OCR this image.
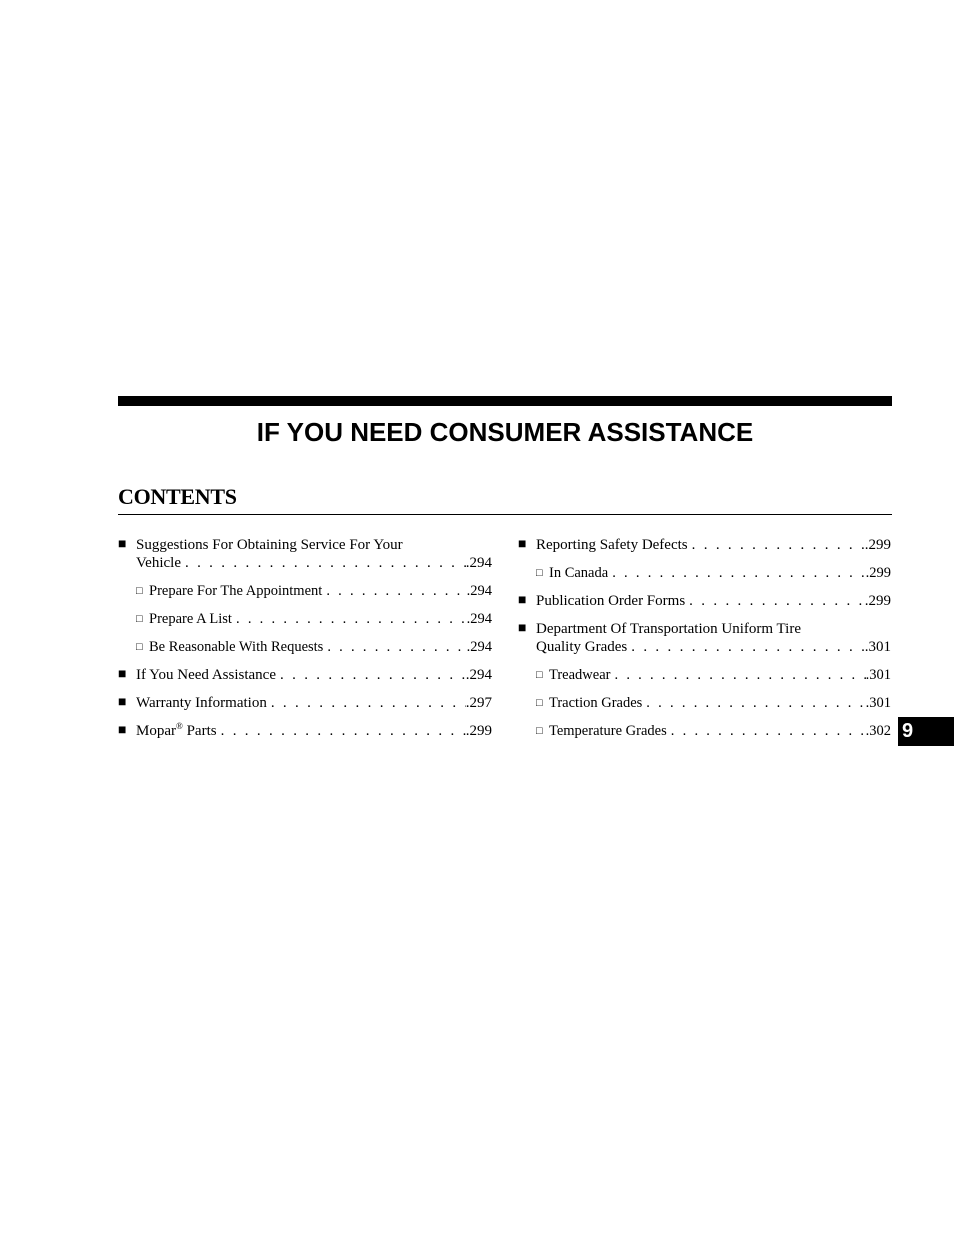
IF YOU NEED CONSUMER ASSISTANCE
CONTENTS
■ Suggestions For Obtaining Service For Your
Vehicle . . .	.294
□ Prepare For The Appointment . . .	.294
□ Prepare A List . . .	.294
□ Be Reasonable With Requests . . .	.294
■ If You Need Assistance . . .	.294
■ Warranty Information . . .	.297
■ Mopar® Parts . . .	.299
■ Reporting Safety Defects . . .	.299
□ In Canada . . .	.299
■ Publication Order Forms . . .	.299
■ Department Of Transportation Uniform Tire
Quality Grades . . .	.301
□ Treadwear . . .	.301
□ Traction Grades . . .	.301
□ Temperature Grades . . .	.302 9
